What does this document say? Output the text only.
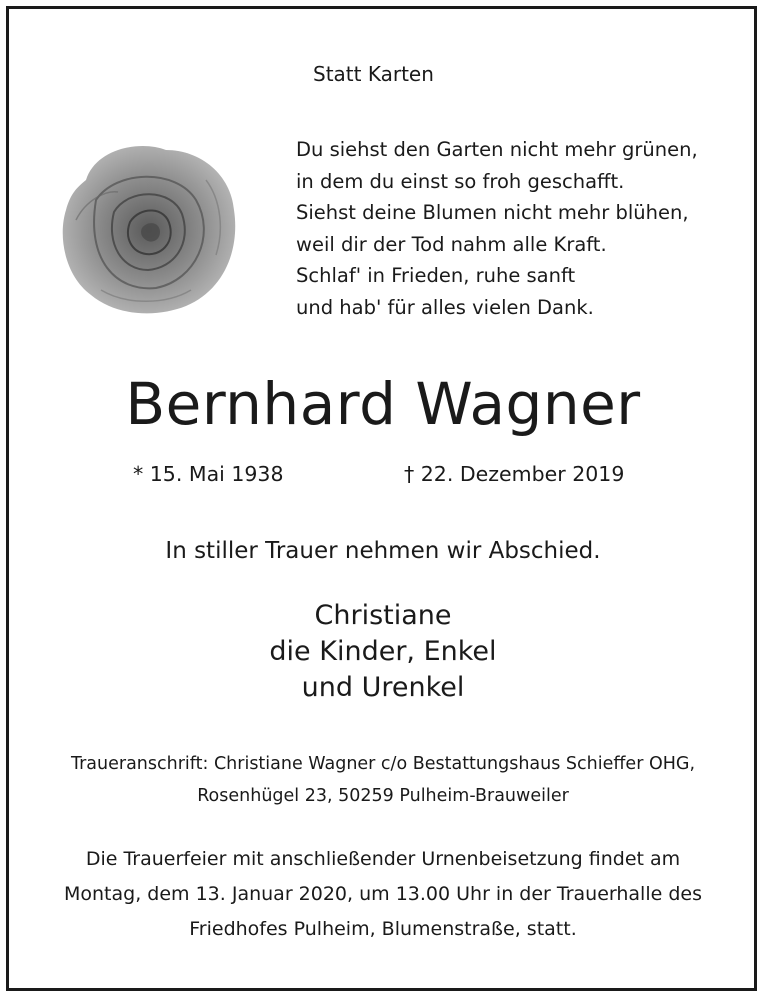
Statt Karten
Du siehst den Garten nicht mehr grünen,
in dem du einst so froh geschafft.
Siehst deine Blumen nicht mehr blühen,
weil dir der Tod nahm alle Kraft.
Schlaf' in Frieden, ruhe sanft
und hab' für alles vielen Dank.
Bernhard Wagner
* 15. Mai 1938	† 22. Dezember 2019
In stiller Trauer nehmen wir Abschied.
Christiane
die Kinder, Enkel
und Urenkel
Traueranschrift: Christiane Wagner c/o Bestattungshaus Schieffer OHG,
Rosenhügel 23, 50259 Pulheim-Brauweiler
Die Trauerfeier mit anschließender Urnenbeisetzung findet am
Montag, dem 13. Januar 2020, um 13.00 Uhr in der Trauerhalle des
Friedhofes Pulheim, Blumenstraße, statt.
